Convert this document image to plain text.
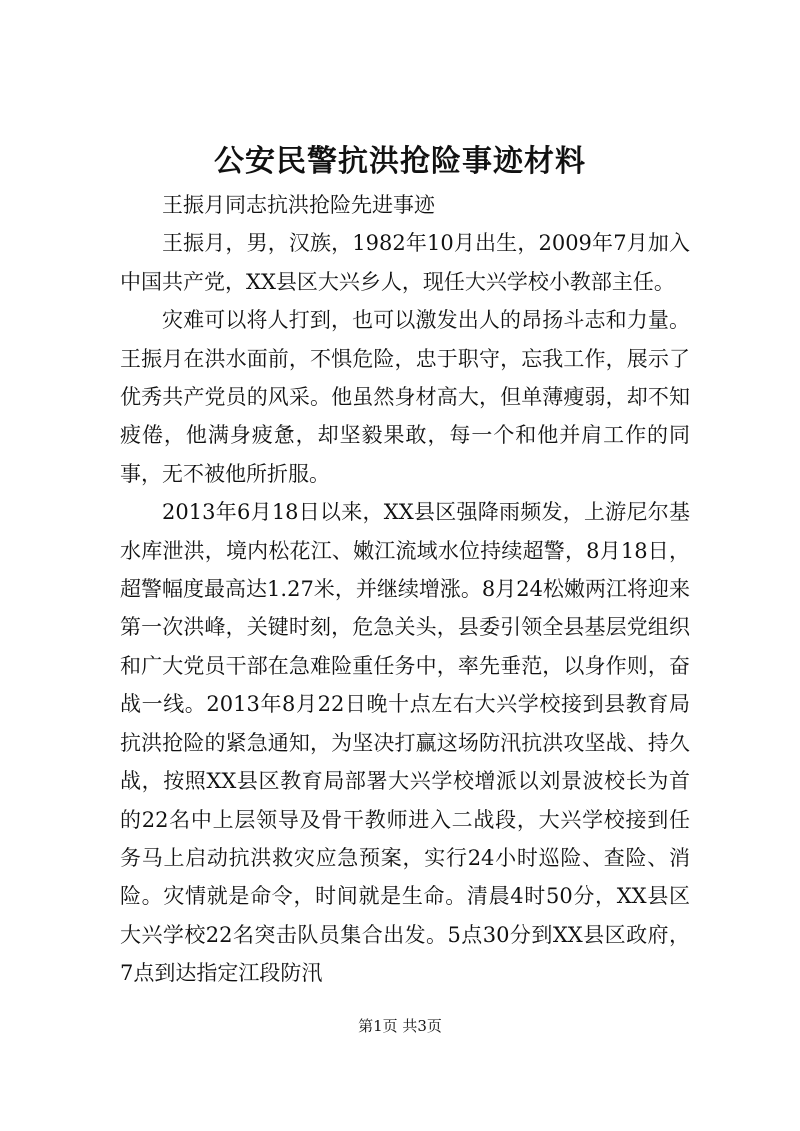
公安民警抗洪抢险事迹材料

王振月同志抗洪抢险先进事迹

王振月，男，汉族，1982年10月出生，2009年7月加入中国共产党，XX县区大兴乡人，现任大兴学校小教部主任。

灾难可以将人打到，也可以激发出人的昂扬斗志和力量。王振月在洪水面前，不惧危险，忠于职守，忘我工作，展示了优秀共产党员的风采。他虽然身材高大，但单薄瘦弱，却不知疲倦，他满身疲惫，却坚毅果敢，每一个和他并肩工作的同事，无不被他所折服。

2013年6月18日以来，XX县区强降雨频发，上游尼尔基水库泄洪，境内松花江、嫩江流域水位持续超警，8月18日，超警幅度最高达1.27米，并继续增涨。8月24松嫩两江将迎来第一次洪峰，关键时刻，危急关头，县委引领全县基层党组织和广大党员干部在急难险重任务中，率先垂范，以身作则，奋战一线。2013年8月22日晚十点左右大兴学校接到县教育局抗洪抢险的紧急通知，为坚决打赢这场防汛抗洪攻坚战、持久战，按照XX县区教育局部署大兴学校增派以刘景波校长为首的22名中上层领导及骨干教师进入二战段，大兴学校接到任务马上启动抗洪救灾应急预案，实行24小时巡险、查险、消险。灾情就是命令，时间就是生命。清晨4时50分，XX县区大兴学校22名突击队员集合出发。5点30分到XX县区政府，7点到达指定江段防汛

第1页 共3页
